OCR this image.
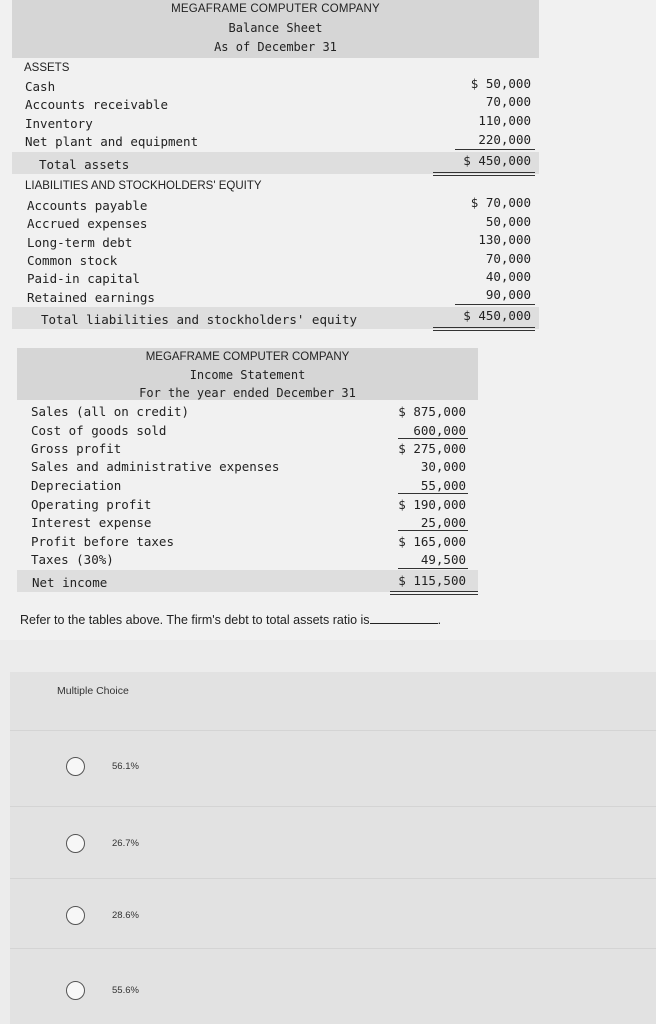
MEGAFRAME COMPUTER COMPANY
Balance Sheet
As of December 31
ASSETS
Cash	$ 50,000
Accounts receivable	70,000
Inventory	110,000
Net plant and equipment	220,000
Total assets	$ 450,000
LIABILITIES AND STOCKHOLDERS' EQUITY
Accounts payable	$ 70,000
Accrued expenses	50,000
Long-term debt	130,000
Common stock	70,000
Paid-in capital	40,000
Retained earnings	90,000
Total liabilities and stockholders' equity	$ 450,000
MEGAFRAME COMPUTER COMPANY
Income Statement
For the year ended December 31
Sales (all on credit)	$ 875,000
Cost of goods sold	600,000
Gross profit	$ 275,000
Sales and administrative expenses	30,000
Depreciation	55,000
Operating profit	$ 190,000
Interest expense	25,000
Profit before taxes	$ 165,000
Taxes (30%)	49,500
Net income	$ 115,500
Refer to the tables above. The firm's debt to total assets ratio is	.
Multiple Choice
56.1%
26.7%
28.6%
55.6%
